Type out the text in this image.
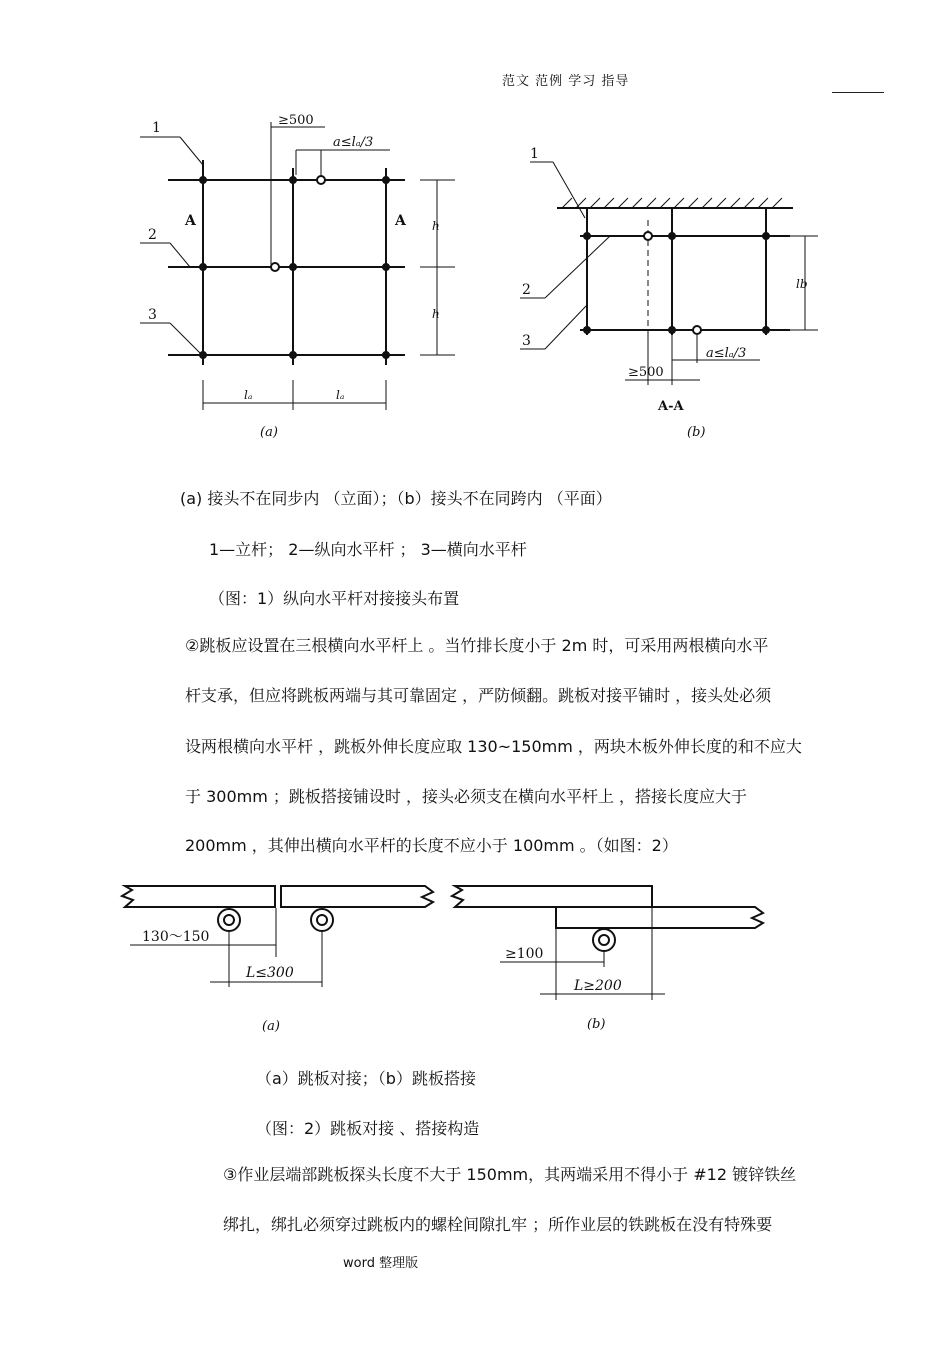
范文 范例 学习 指导
1
2
3
A	A
≥500
a≤lₐ/3
h
h
lₐ	lₐ
(a)
1
2
3
lb
a≤lₐ/3
≥500
A-A
(b)
(a) 接头不在同步内 （立面）；（b）接头不在同跨内 （平面）
1—立杆； 2—纵向水平杆 ； 3—横向水平杆
（图：1）纵向水平杆对接接头布置
②跳板应设置在三根横向水平杆上 。当竹排长度小于 2m 时，可采用两根横向水平
杆支承，但应将跳板两端与其可靠固定 ，严防倾翻。跳板对接平铺时 ，接头处必须
设两根横向水平杆 ，跳板外伸长度应取 130~150mm ，两块木板外伸长度的和不应大
于 300mm ；跳板搭接铺设时 ，接头必须支在横向水平杆上 ，搭接长度应大于
200mm ，其伸出横向水平杆的长度不应小于 100mm 。（如图：2）
130～150
L≤300
(a)
≥100
L≥200
(b)
（a）跳板对接；（b）跳板搭接
（图：2）跳板对接 、搭接构造
③作业层端部跳板探头长度不大于 150mm，其两端采用不得小于 #12 镀锌铁丝
绑扎，绑扎必须穿过跳板内的螺栓间隙扎牢 ；所作业层的铁跳板在没有特殊要
word 整理版
